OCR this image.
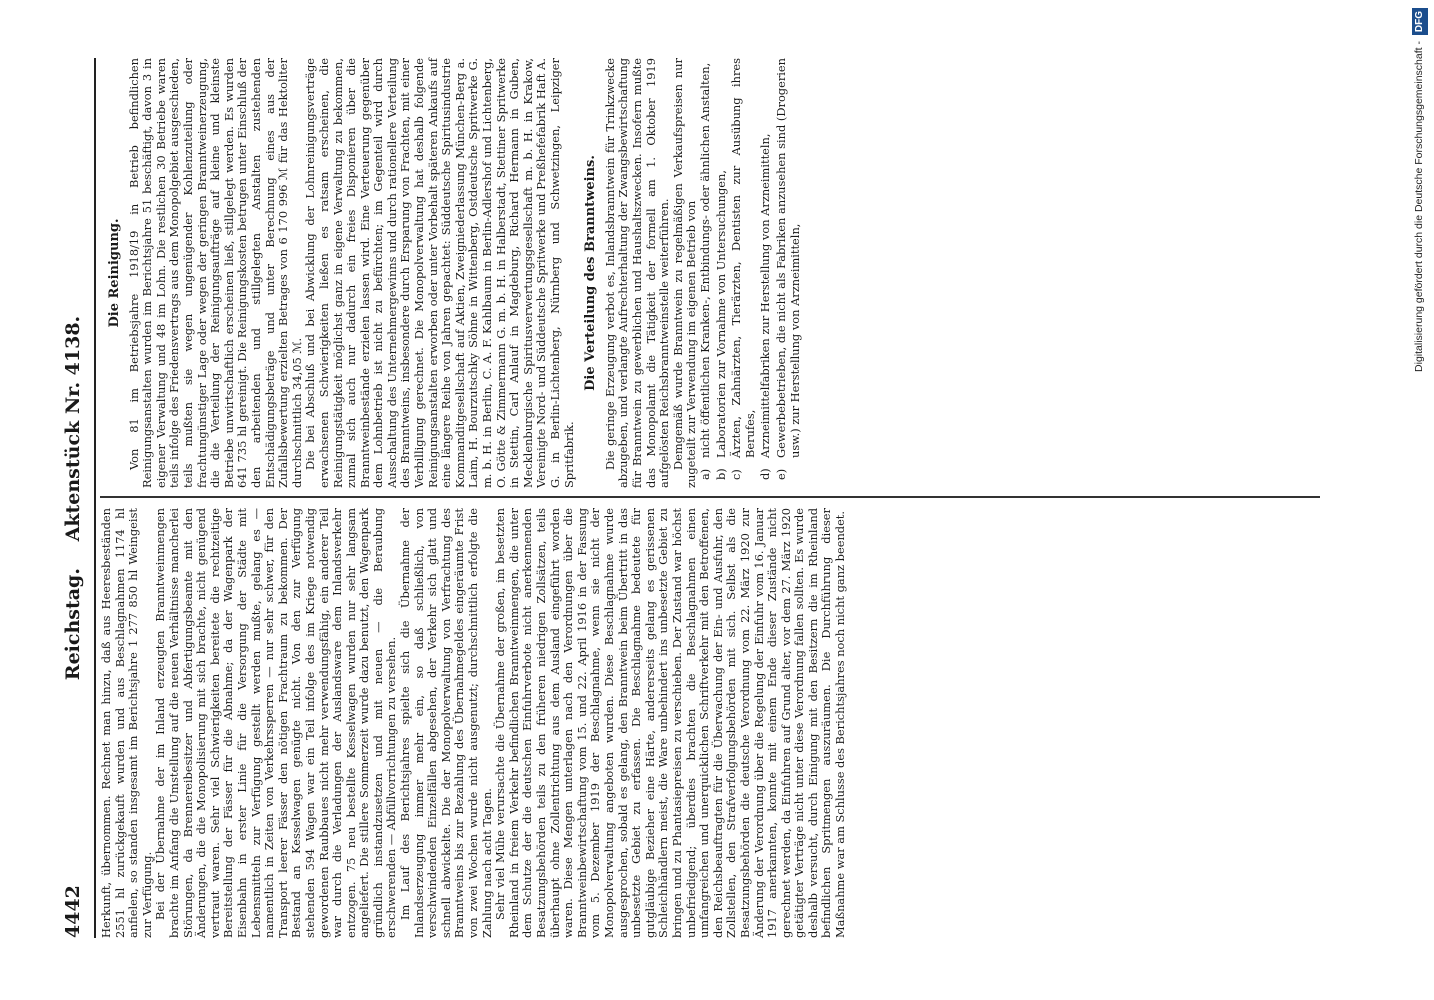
4442
Reichstag. Aktenstück Nr. 4138.

Herkunft, übernommen. Rechnet man hinzu, daß aus Heeresbeständen 2551 hl zurückgekauft wurden und aus Beschlagnahmen 1174 hl anfielen, so standen insgesamt im Berichtsjahre 1 277 850 hl Weingeist zur Verfügung. Bei der Übernahme der im Inland erzeugten Branntweinmengen brachte im Anfang die Umstellung auf die neuen Verhältnisse mancherlei Störungen, da Brennereibesitzer und Abfertigungsbeamte mit den Änderungen, die die Monopolisierung mit sich brachte, nicht genügend vertraut waren. Sehr viel Schwierigkeiten bereitete die rechtzeitige Bereitstellung der Fässer für die Abnahme; da der Wagenpark der Eisenbahn in erster Linie für die Versorgung der Städte mit Lebensmitteln zur Verfügung gestellt werden mußte, gelang es — namentlich in Zeiten von Verkehrssperren — nur sehr schwer, für den Transport leerer Fässer den nötigen Frachtraum zu bekommen. Der Bestand an Kesselwagen genügte nicht. Von den zur Verfügung stehenden 594 Wagen war ein Teil infolge des im Kriege notwendig gewordenen Raubbaues nicht mehr verwendungsfähig, ein anderer Teil war durch die Verladungen der Auslandsware dem Inlandsverkehr entzogen. 75 neu bestellte Kesselwagen wurden nur sehr langsam angeliefert. Die stillere Sommerzeit wurde dazu benutzt, den Wagenpark gründlich instandzusetzen und mit neuen — die Beraubung erschwerenden — Abfüllvorrichtungen zu versehen. Im Lauf des Berichtsjahres spielte sich die Übernahme der Inlandserzeugung immer mehr ein, so daß schließlich, von verschwindenden Einzelfällen abgesehen, der Verkehr sich glatt und schnell abwickelte. Die der Monopolverwaltung von Verfrachtung des Branntweins bis zur Bezahlung des Übernahmegeldes eingeräumte Frist von zwei Wochen wurde nicht ausgenutzt; durchschnittlich erfolgte die Zahlung nach acht Tagen. Sehr viel Mühe verursachte die Übernahme der großen, im besetzten Rheinland in freiem Verkehr befindlichen Branntweinmengen, die unter dem Schutze der die deutschen Einfuhrverbote nicht anerkennenden Besatzungsbehörden teils zu den früheren niedrigen Zollsätzen, teils überhaupt ohne Zollentrichtung aus dem Ausland eingeführt worden waren. Diese Mengen unterlagen nach den Verordnungen über die Branntweinbewirtschaftung vom 15. und 22. April 1916 in der Fassung vom 5. Dezember 1919 der Beschlagnahme, wenn sie nicht der Monopolverwaltung angeboten wurden. Diese Beschlagnahme wurde ausgesprochen, sobald es gelang, den Branntwein beim Übertritt in das unbesetzte Gebiet zu erfassen. Die Beschlagnahme bedeutete für gutgläubige Bezieher eine Härte, andererseits gelang es gerissenen Schleichhändlern meist, die Ware unbehindert ins unbesetzte Gebiet zu bringen und zu Phantasiepreisen zu verschieben. Der Zustand war höchst unbefriedigend; überdies brachten die Beschlagnahmen einen umfangreichen und unerquicklichen Schriftverkehr mit den Betroffenen, den Reichsbeauftragten für die Überwachung der Ein- und Ausfuhr, den Zollstellen, den Strafverfolgungsbehörden mit sich. Selbst als die Besatzungsbehörden die deutsche Verordnung vom 22. März 1920 zur Änderung der Verordnung über die Regelung der Einfuhr vom 16. Januar 1917 anerkannten, konnte mit einem Ende dieser Zustände nicht gerechnet werden, da Einfuhren auf Grund alter, vor dem 27. März 1920 getätigter Verträge nicht unter diese Verordnung fallen sollten. Es wurde deshalb versucht, durch Einigung mit den Besitzern die im Rheinland befindlichen Spritmengen auszuräumen. Die Durchführung dieser Maßnahme war am Schlusse des Berichtsjahres noch nicht ganz beendet.

Die Reinigung. Von 81 im Betriebsjahre 1918/19 in Betrieb befindlichen Reinigungsanstalten wurden im Berichtsjahre 51 beschäftigt, davon 3 in eigener Verwaltung und 48 im Lohn. Die restlichen 30 Betriebe waren teils infolge des Friedensvertrags aus dem Monopolgebiet ausgeschieden, teils mußten sie wegen ungenügender Kohlenzuteilung oder frachtungünstiger Lage oder wegen der geringen Branntweinerzeugung, die die Verteilung der Reinigungsaufträge auf kleine und kleinste Betriebe unwirtschaftlich erscheinen ließ, stillgelegt werden. Es wurden 641 735 hl gereinigt. Die Reinigungskosten betrugen unter Einschluß der den arbeitenden und stillgelegten Anstalten zustehenden Entschädigungsbeträge und unter Berechnung eines aus der Zufallsbewertung erzielten Betrages von 6 170 996 ℳ für das Hektoliter durchschnittlich 34,05 ℳ. Die bei Abschluß und bei Abwicklung der Lohnreinigungsverträge erwachsenen Schwierigkeiten ließen es ratsam erscheinen, die Reinigungstätigkeit möglichst ganz in eigene Verwaltung zu bekommen, zumal sich auch nur dadurch ein freies Disponieren über die Branntweinbestände erzielen lassen wird. Eine Verteuerung gegenüber dem Lohnbetrieb ist nicht zu befürchten; im Gegenteil wird durch Ausschaltung des Unternehmergewinns und durch rationellere Verteilung des Branntweins, insbesondere durch Ersparung von Frachten, mit einer Verbilligung gerechnet. Die Monopolverwaltung hat deshalb folgende Reinigungsanstalten erworben oder unter Vorbehalt späteren Ankaufs auf eine längere Reihe von Jahren gepachtet: Süddeutsche Spiritusindustrie Kommanditgesellschaft auf Aktien, Zweigniederlassung München-Berg a. Laim, H. Bourzutschky Söhne in Wittenberg, Ostdeutsche Spritwerke G. m. b. H. in Berlin, C. A. F. Kahlbaum in Berlin-Adlershof und Lichtenberg, O. Götte & Zimmermann G. m. b. H. in Halberstadt, Stettiner Spritwerke in Stettin, Carl Anlauf in Magdeburg, Richard Hermann in Guben, Mecklenburgische Spiritusverwertungsgesellschaft m. b. H. in Krakow, Vereinigte Nord- und Süddeutsche Spritwerke und Preßhefefabrik Haft A. G. in Berlin-Lichtenberg, Nürnberg und Schwetzingen, Leipziger Spritfabrik.

Die Verteilung des Branntweins. Die geringe Erzeugung verbot es, Inlandsbranntwein für Trinkzwecke abzugeben, und verlangte Aufrechterhaltung der Zwangsbewirtschaftung für Branntwein zu gewerblichen und Haushaltszwecken. Insofern mußte das Monopolamt die Tätigkeit der formell am 1. Oktober 1919 aufgelösten Reichsbranntweinstelle weiterführen. Demgemäß wurde Branntwein zu regelmäßigen Verkaufspreisen nur zugeteilt zur Verwendung im eigenen Betrieb von a)nicht öffentlichen Kranken-, Entbindungs- oder ähnlichen Anstalten,
b)Laboratorien zur Vornahme von Untersuchungen,
c)Ärzten, Zahnärzten, Tierärzten, Dentisten zur Ausübung ihres Berufes,
d)Arzneimittelfabriken zur Herstellung von Arzneimitteln,
e)Gewerbebetrieben, die nicht als Fabriken anzusehen sind (Drogerien usw.) zur Herstellung von Arzneimitteln,	Digitalisierung gefördert durch die Deutsche Forschungsgemeinschaft - DFG
